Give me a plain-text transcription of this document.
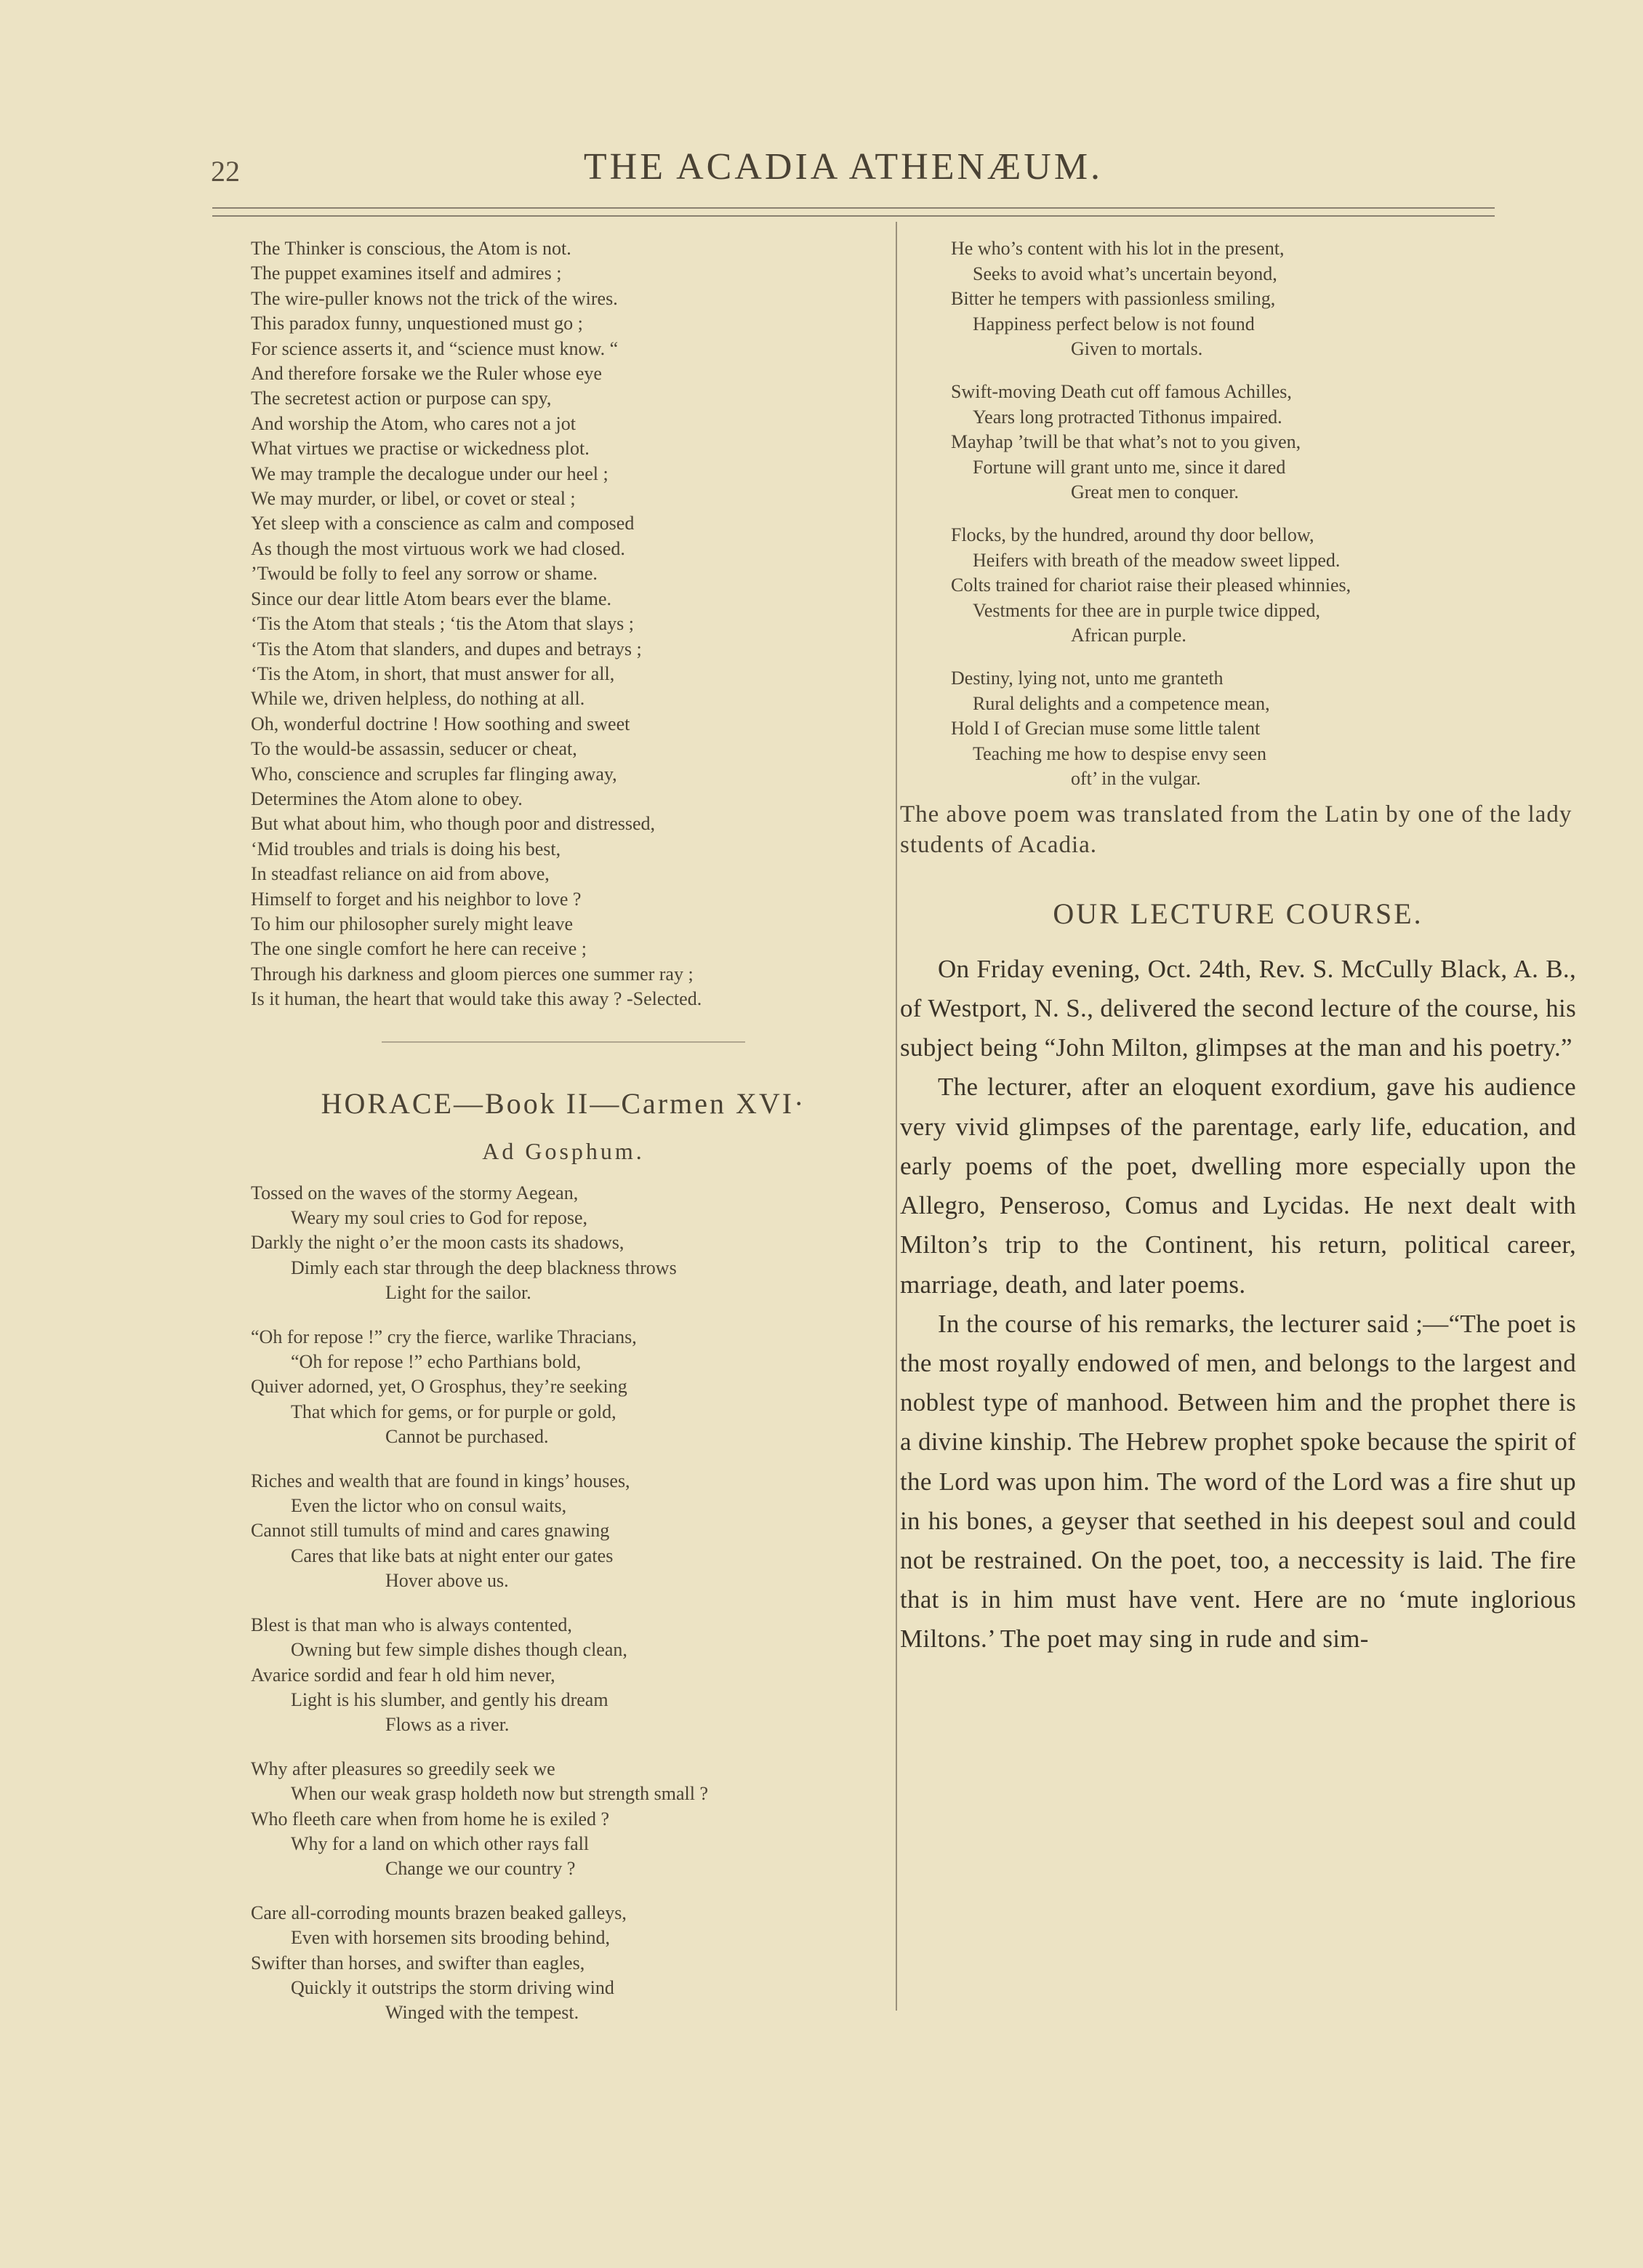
22	THE ACADIA ATHENÆUM.
The Thinker is conscious, the Atom is not.
The puppet examines itself and admires ;
The wire-puller knows not the trick of the wires.
This paradox funny, unquestioned must go ;
For science asserts it, and “science must know. “
And therefore forsake we the Ruler whose eye
The secretest action or purpose can spy,
And worship the Atom, who cares not a jot
What virtues we practise or wickedness plot.
We may trample the decalogue under our heel ;
We may murder, or libel, or covet or steal ;
Yet sleep with a conscience as calm and composed
As though the most virtuous work we had closed.
’Twould be folly to feel any sorrow or shame.
Since our dear little Atom bears ever the blame.
‘Tis the Atom that steals ; ‘tis the Atom that slays ;
‘Tis the Atom that slanders, and dupes and betrays ;
‘Tis the Atom, in short, that must answer for all,
While we, driven helpless, do nothing at all.
Oh, wonderful doctrine ! How soothing and sweet
To the would-be assassin, seducer or cheat,
Who, conscience and scruples far flinging away,
Determines the Atom alone to obey.
But what about him, who though poor and distressed,
‘Mid troubles and trials is doing his best,
In steadfast reliance on aid from above,
Himself to forget and his neighbor to love ?
To him our philosopher surely might leave
The one single comfort he here can receive ;
Through his darkness and gloom pierces one summer ray ;
Is it human, the heart that would take this away ? -Selected.
HORACE—Book II—Carmen XVI·
Ad Gosphum.
Tossed on the waves of the stormy Aegean,
Weary my soul cries to God for repose,
Darkly the night o’er the moon casts its shadows,
Dimly each star through the deep blackness throws
Light for the sailor.
“Oh for repose !” cry the fierce, warlike Thracians,
“Oh for repose !” echo Parthians bold,
Quiver adorned, yet, O Grosphus, they’re seeking
That which for gems, or for purple or gold,
Cannot be purchased.
Riches and wealth that are found in kings’ houses,
Even the lictor who on consul waits,
Cannot still tumults of mind and cares gnawing
Cares that like bats at night enter our gates
Hover above us.
Blest is that man who is always contented,
Owning but few simple dishes though clean,
Avarice sordid and fear h old him never,
Light is his slumber, and gently his dream
Flows as a river.
Why after pleasures so greedily seek we
When our weak grasp holdeth now but strength small ?
Who fleeth care when from home he is exiled ?
Why for a land on which other rays fall
Change we our country ?
Care all-corroding mounts brazen beaked galleys,
Even with horsemen sits brooding behind,
Swifter than horses, and swifter than eagles,
Quickly it outstrips the storm driving wind
Winged with the tempest.
He who’s content with his lot in the present,
Seeks to avoid what’s uncertain beyond,
Bitter he tempers with passionless smiling,
Happiness perfect below is not found
Given to mortals.
Swift-moving Death cut off famous Achilles,
Years long protracted Tithonus impaired.
Mayhap ’twill be that what’s not to you given,
Fortune will grant unto me, since it dared
Great men to conquer.
Flocks, by the hundred, around thy door bellow,
Heifers with breath of the meadow sweet lipped.
Colts trained for chariot raise their pleased whinnies,
Vestments for thee are in purple twice dipped,
African purple.
Destiny, lying not, unto me granteth
Rural delights and a competence mean,
Hold I of Grecian muse some little talent
Teaching me how to despise envy seen
oft’ in the vulgar.
The above poem was translated from the Latin by one of the lady students of Acadia.
OUR LECTURE COURSE.

On Friday evening, Oct. 24th, Rev. S. McCully Black, A. B., of Westport, N. S., delivered the second lecture of the course, his subject being “John Milton, glimpses at the man and his poetry.”

The lecturer, after an eloquent exordium, gave his audience very vivid glimpses of the parentage, early life, education, and early poems of the poet, dwelling more especially upon the Allegro, Penseroso, Comus and Lycidas. He next dealt with Milton’s trip to the Continent, his return, political career, marriage, death, and later poems.

In the course of his remarks, the lecturer said ;—“The poet is the most royally endowed of men, and belongs to the largest and noblest type of manhood. Between him and the prophet there is a divine kinship. The Hebrew prophet spoke because the spirit of the Lord was upon him. The word of the Lord was a fire shut up in his bones, a geyser that seethed in his deepest soul and could not be restrained. On the poet, too, a neccessity is laid. The fire that is in him must have vent. Here are no ‘mute inglorious Miltons.’ The poet may sing in rude and sim-
